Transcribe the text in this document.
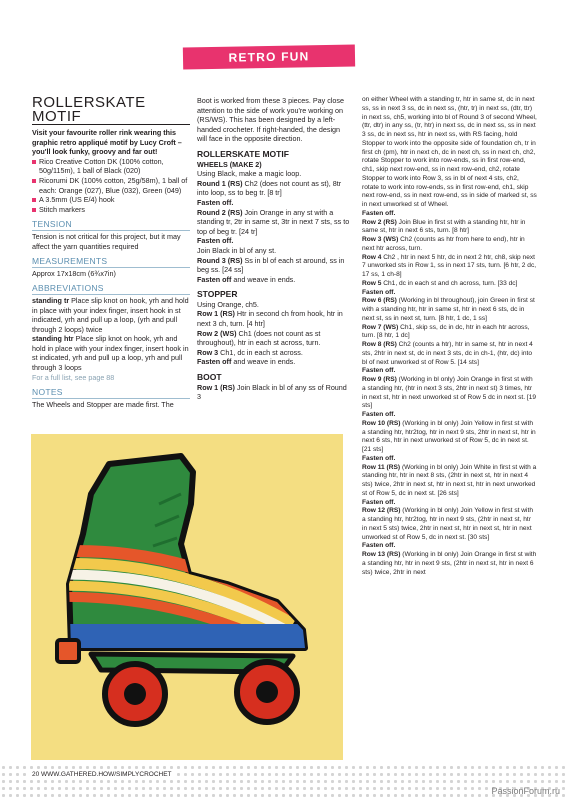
RETRO FUN COLLECTION
ROLLERSKATE MOTIF

Visit your favourite roller rink wearing this graphic retro appliqué motif by Lucy Croft – you'll look funky, groovy and far out!

Rico Creative Cotton DK (100% cotton, 50g/115m), 1 ball of Black (020)
Ricorumi DK (100% cotton, 25g/58m), 1 ball of each: Orange (027), Blue (032), Green (049)
A 3.5mm (US E/4) hook
Stitch markers
TENSION

Tension is not critical for this project, but it may affect the yarn quantities required

MEASUREMENTS

Approx 17x18cm (6¾x7in)

ABBREVIATIONS

standing tr Place slip knot on hook, yrh and hold in place with your index finger, insert hook in st indicated, yrh and pull up a loop, (yrh and pull through 2 loops) twice

standing htr Place slip knot on hook, yrh and hold in place with your index finger, insert hook in st indicated, yrh and pull up a loop, yrh and pull through 3 loops

For a full list, see page 88

NOTES

The Wheels and Stopper are made first. The

Boot is worked from these 3 pieces. Pay close attention to the side of work you're working on (RS/WS). This has been designed by a left-handed crocheter. If right-handed, the design will face in the opposite direction.

ROLLERSKATE MOTIF
WHEELS (MAKE 2)

Using Black, make a magic loop.

Round 1 (RS) Ch2 (does not count as st), 8tr into loop, ss to beg tr. [8 tr]

Fasten off.

Round 2 (RS) Join Orange in any st with a standing tr, 2tr in same st, 3tr in next 7 sts, ss to top of beg tr. [24 tr]

Fasten off.

Join Black in bl of any st.

Round 3 (RS) Ss in bl of each st around, ss in beg ss. [24 ss]

Fasten off and weave in ends.

STOPPER

Using Orange, ch5.

Row 1 (RS) Htr in second ch from hook, htr in next 3 ch, turn. [4 htr]

Row 2 (WS) Ch1 (does not count as st throughout), htr in each st across, turn.

Row 3 Ch1, dc in each st across.

Fasten off and weave in ends.

BOOT

Row 1 (RS) Join Black in bl of any ss of Round 3

on either Wheel with a standing tr, htr in same st, dc in next ss, ss in next 3 ss, dc in next ss, (htr, tr) in next ss, (dtr, ttr) in next ss, ch5, working into bl of Round 3 of second Wheel, (ttr, dtr) in any ss, (tr, htr) in next ss, dc in next ss, ss in next 3 ss, dc in next ss, htr in next ss, with RS facing, hold Stopper to work into the opposite side of foundation ch, tr in first ch (pm), htr in next ch, dc in next ch, ss in next ch, ch2, rotate Stopper to work into row-ends, ss in first row-end, ch1, skip next row-end, ss in next row-end, ch2, rotate Stopper to work into Row 3, ss in bl of next 4 sts, ch2, rotate to work into row-ends, ss in first row-end, ch1, skip next row-end, ss in next row-end, ss in side of marked st, ss in next unworked st of Wheel.

Fasten off.

Row 2 (RS) Join Blue in first st with a standing htr, htr in same st, htr in next 6 sts, turn. [8 htr]

Row 3 (WS) Ch2 (counts as htr from here to end), htr in next htr across, turn.

Row 4 Ch2 , htr in next 5 htr, dc in next 2 htr, ch8, skip next 7 unworked sts in Row 1, ss in next 17 sts, turn. [6 htr, 2 dc, 17 ss, 1 ch-8]

Row 5 Ch1, dc in each st and ch across, turn. [33 dc]

Fasten off.

Row 6 (RS) (Working in bl throughout), join Green in first st with a standing htr, htr in same st, htr in next 6 sts, dc in next st, ss in next st, turn. [8 htr, 1 dc, 1 ss]

Row 7 (WS) Ch1, skip ss, dc in dc, htr in each htr across, turn. [8 htr, 1 dc]

Row 8 (RS) Ch2 (counts a htr), htr in same st, htr in next 4 sts, 2htr in next st, dc in next 3 sts, dc in ch-1, (htr, dc) into bl of next unworked st of Row 5. [14 sts]

Fasten off.

Row 9 (RS) (Working in bl only) Join Orange in first st with a standing htr, (htr in next 3 sts, 2htr in next st) 3 times, htr in next st, htr in next unworked st of Row 5 dc in next st. [19 sts]

Fasten off.

Row 10 (RS) (Working in bl only) Join Yellow in first st with a standing htr, htr2tog, htr in next 9 sts, 2htr in next st, htr in next 6 sts, htr in next unworked st of Row 5, dc in next st. [21 sts]

Fasten off.

Row 11 (RS) (Working in bl only) Join White in first st with a standing htr, htr in next 8 sts, (2htr in next st, htr in next 4 sts) twice, 2htr in next st, htr in next st, htr in next unworked st of Row 5, dc in next st. [26 sts]

Fasten off.

Row 12 (RS) (Working in bl only) Join Yellow in first st with a standing htr, htr2tog, htr in next 9 sts, (2htr in next st, htr in next 5 sts) twice, 2htr in next st, htr in next st, htr in next unworked st of Row 5, dc in next st. [30 sts]

Fasten off.

Row 13 (RS) (Working in bl only) Join Orange in first st with a standing htr, htr in next 9 sts, (2htr in next st, htr in next 6 sts) twice, 2htr in next

20 WWW.GATHERED.HOW/SIMPLYCROCHET
PassionForum.ru
